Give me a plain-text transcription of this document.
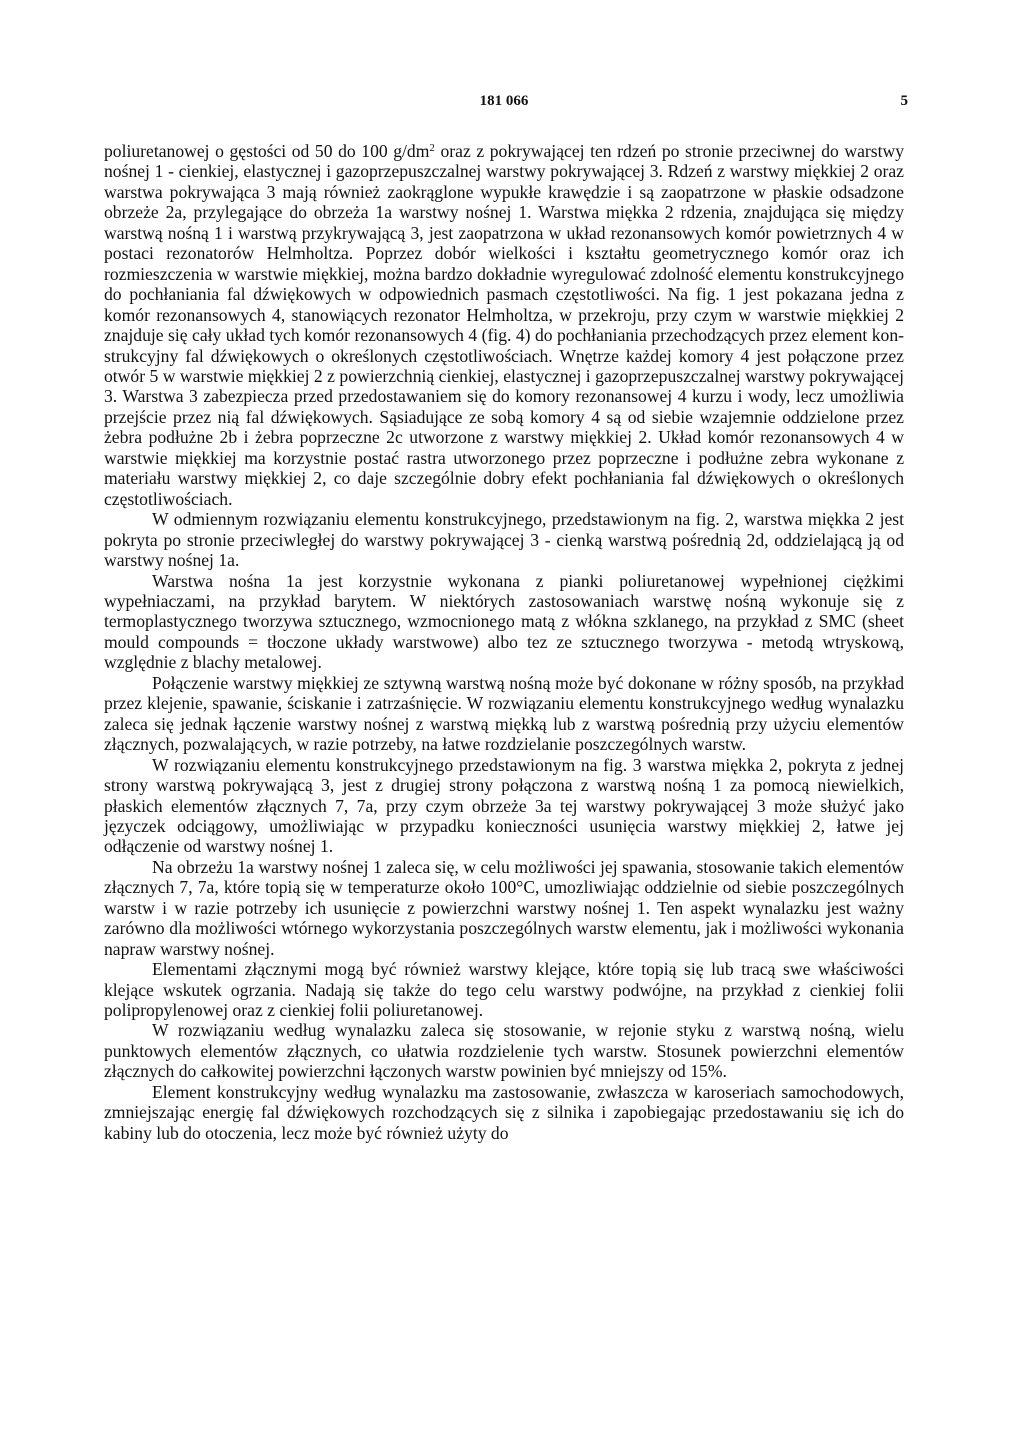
181 066	5

poliuretanowej o gęstości od 50 do 100 $g/dm^2$ oraz z pokrywającej ten rdzeń po stronie przeciwnej do warstwy nośnej 1 - cienkiej, elastycznej i gazoprzepuszczalnej warstwy pokrywającej 3. Rdzeń z warstwy miękkiej 2 oraz warstwa pokrywająca 3 mają również zaokrąglone wypukłe krawędzie i są zaopatrzone w płaskie odsadzone obrzeże 2a, przylegające do obrzeża 1a warstwy nośnej 1. Warstwa miękka 2 rdzenia, znajdująca się między warstwą nośną 1 i warstwą przykrywającą 3, jest zaopatrzona w układ rezonansowych komór powietrznych 4 w postaci rezonatorów Helmholtza. Poprzez dobór wielkości i kształtu geometrycznego komór oraz ich rozmieszczenia w warstwie miękkiej, można bardzo dokładnie wyregulować zdolność elementu konstrukcyjnego do pochłaniania fal dźwiękowych w odpowiednich pasmach częstotliwości. Na fig. 1 jest pokazana jedna z komór rezonansowych 4, stanowiących rezonator Helmholtza, w przekroju, przy czym w warstwie miękkiej 2 znajduje się cały układ tych komór rezonansowych 4 (fig. 4) do pochłaniania przechodzących przez element konstrukcyjny fal dźwiękowych o określonych częstotliwościach. Wnętrze każdej komory 4 jest połączone przez otwór 5 w warstwie miękkiej 2 z powierzchnią cienkiej, elastycznej i gazoprzepuszczalnej warstwy pokrywającej 3. Warstwa 3 zabezpiecza przed przedostawaniem się do komory rezonansowej 4 kurzu i wody, lecz umożliwia przejście przez nią fal dźwiękowych. Sąsiadujące ze sobą komory 4 są od siebie wzajemnie oddzielone przez żebra podłużne 2b i żebra poprzeczne 2c utworzone z warstwy miękkiej 2. Układ komór rezonansowych 4 w warstwie miękkiej ma korzystnie postać rastra utworzonego przez poprzeczne i podłużne zebra wykonane z materiału warstwy miękkiej 2, co daje szczególnie dobry efekt pochłaniania fal dźwiękowych o określonych częstotliwościach.

W odmiennym rozwiązaniu elementu konstrukcyjnego, przedstawionym na fig. 2, warstwa miękka 2 jest pokryta po stronie przeciwległej do warstwy pokrywającej 3 - cienką warstwą pośrednią 2d, oddzielającą ją od warstwy nośnej 1a.

Warstwa nośna 1a jest korzystnie wykonana z pianki poliuretanowej wypełnionej ciężkimi wypełniaczami, na przykład barytem. W niektórych zastosowaniach warstwę nośną wykonuje się z termoplastycznego tworzywa sztucznego, wzmocnionego matą z włókna szklanego, na przykład z SMC (sheet mould compounds = tłoczone układy warstwowe) albo tez ze sztucznego tworzywa - metodą wtryskową, względnie z blachy metalowej.

Połączenie warstwy miękkiej ze sztywną warstwą nośną może być dokonane w różny sposób, na przykład przez klejenie, spawanie, ściskanie i zatrzaśnięcie. W rozwiązaniu elementu konstrukcyjnego według wynalazku zaleca się jednak łączenie warstwy nośnej z warstwą miękką lub z warstwą pośrednią przy użyciu elementów złącznych, pozwalających, w razie potrzeby, na łatwe rozdzielanie poszczególnych warstw.

W rozwiązaniu elementu konstrukcyjnego przedstawionym na fig. 3 warstwa miękka 2, pokryta z jednej strony warstwą pokrywającą 3, jest z drugiej strony połączona z warstwą nośną 1 za pomocą niewielkich, płaskich elementów złącznych 7, 7a, przy czym obrzeże 3a tej warstwy pokrywającej 3 może służyć jako języczek odciągowy, umożliwiając w przypadku konieczności usunięcia warstwy miękkiej 2, łatwe jej odłączenie od warstwy nośnej 1.

Na obrzeżu 1a warstwy nośnej 1 zaleca się, w celu możliwości jej spawania, stosowanie takich elementów złącznych 7, 7a, które topią się w temperaturze około 100°C, umozliwiając oddzielnie od siebie poszczególnych warstw i w razie potrzeby ich usunięcie z powierzchni warstwy nośnej 1. Ten aspekt wynalazku jest ważny zarówno dla możliwości wtórnego wykorzystania poszczególnych warstw elementu, jak i możliwości wykonania napraw warstwy nośnej.

Elementami złącznymi mogą być również warstwy klejące, które topią się lub tracą swe właściwości klejące wskutek ogrzania. Nadają się także do tego celu warstwy podwójne, na przykład z cienkiej folii polipropylenowej oraz z cienkiej folii poliuretanowej.

W rozwiązaniu według wynalazku zaleca się stosowanie, w rejonie styku z warstwą nośną, wielu punktowych elementów złącznych, co ułatwia rozdzielenie tych warstw. Stosunek powierzchni elementów złącznych do całkowitej powierzchni łączonych warstw powinien być mniejszy od 15%.

Element konstrukcyjny według wynalazku ma zastosowanie, zwłaszcza w karoseriach samochodowych, zmniejszając energię fal dźwiękowych rozchodzących się z silnika i zapobiegając przedostawaniu się ich do kabiny lub do otoczenia, lecz może być również użyty do
